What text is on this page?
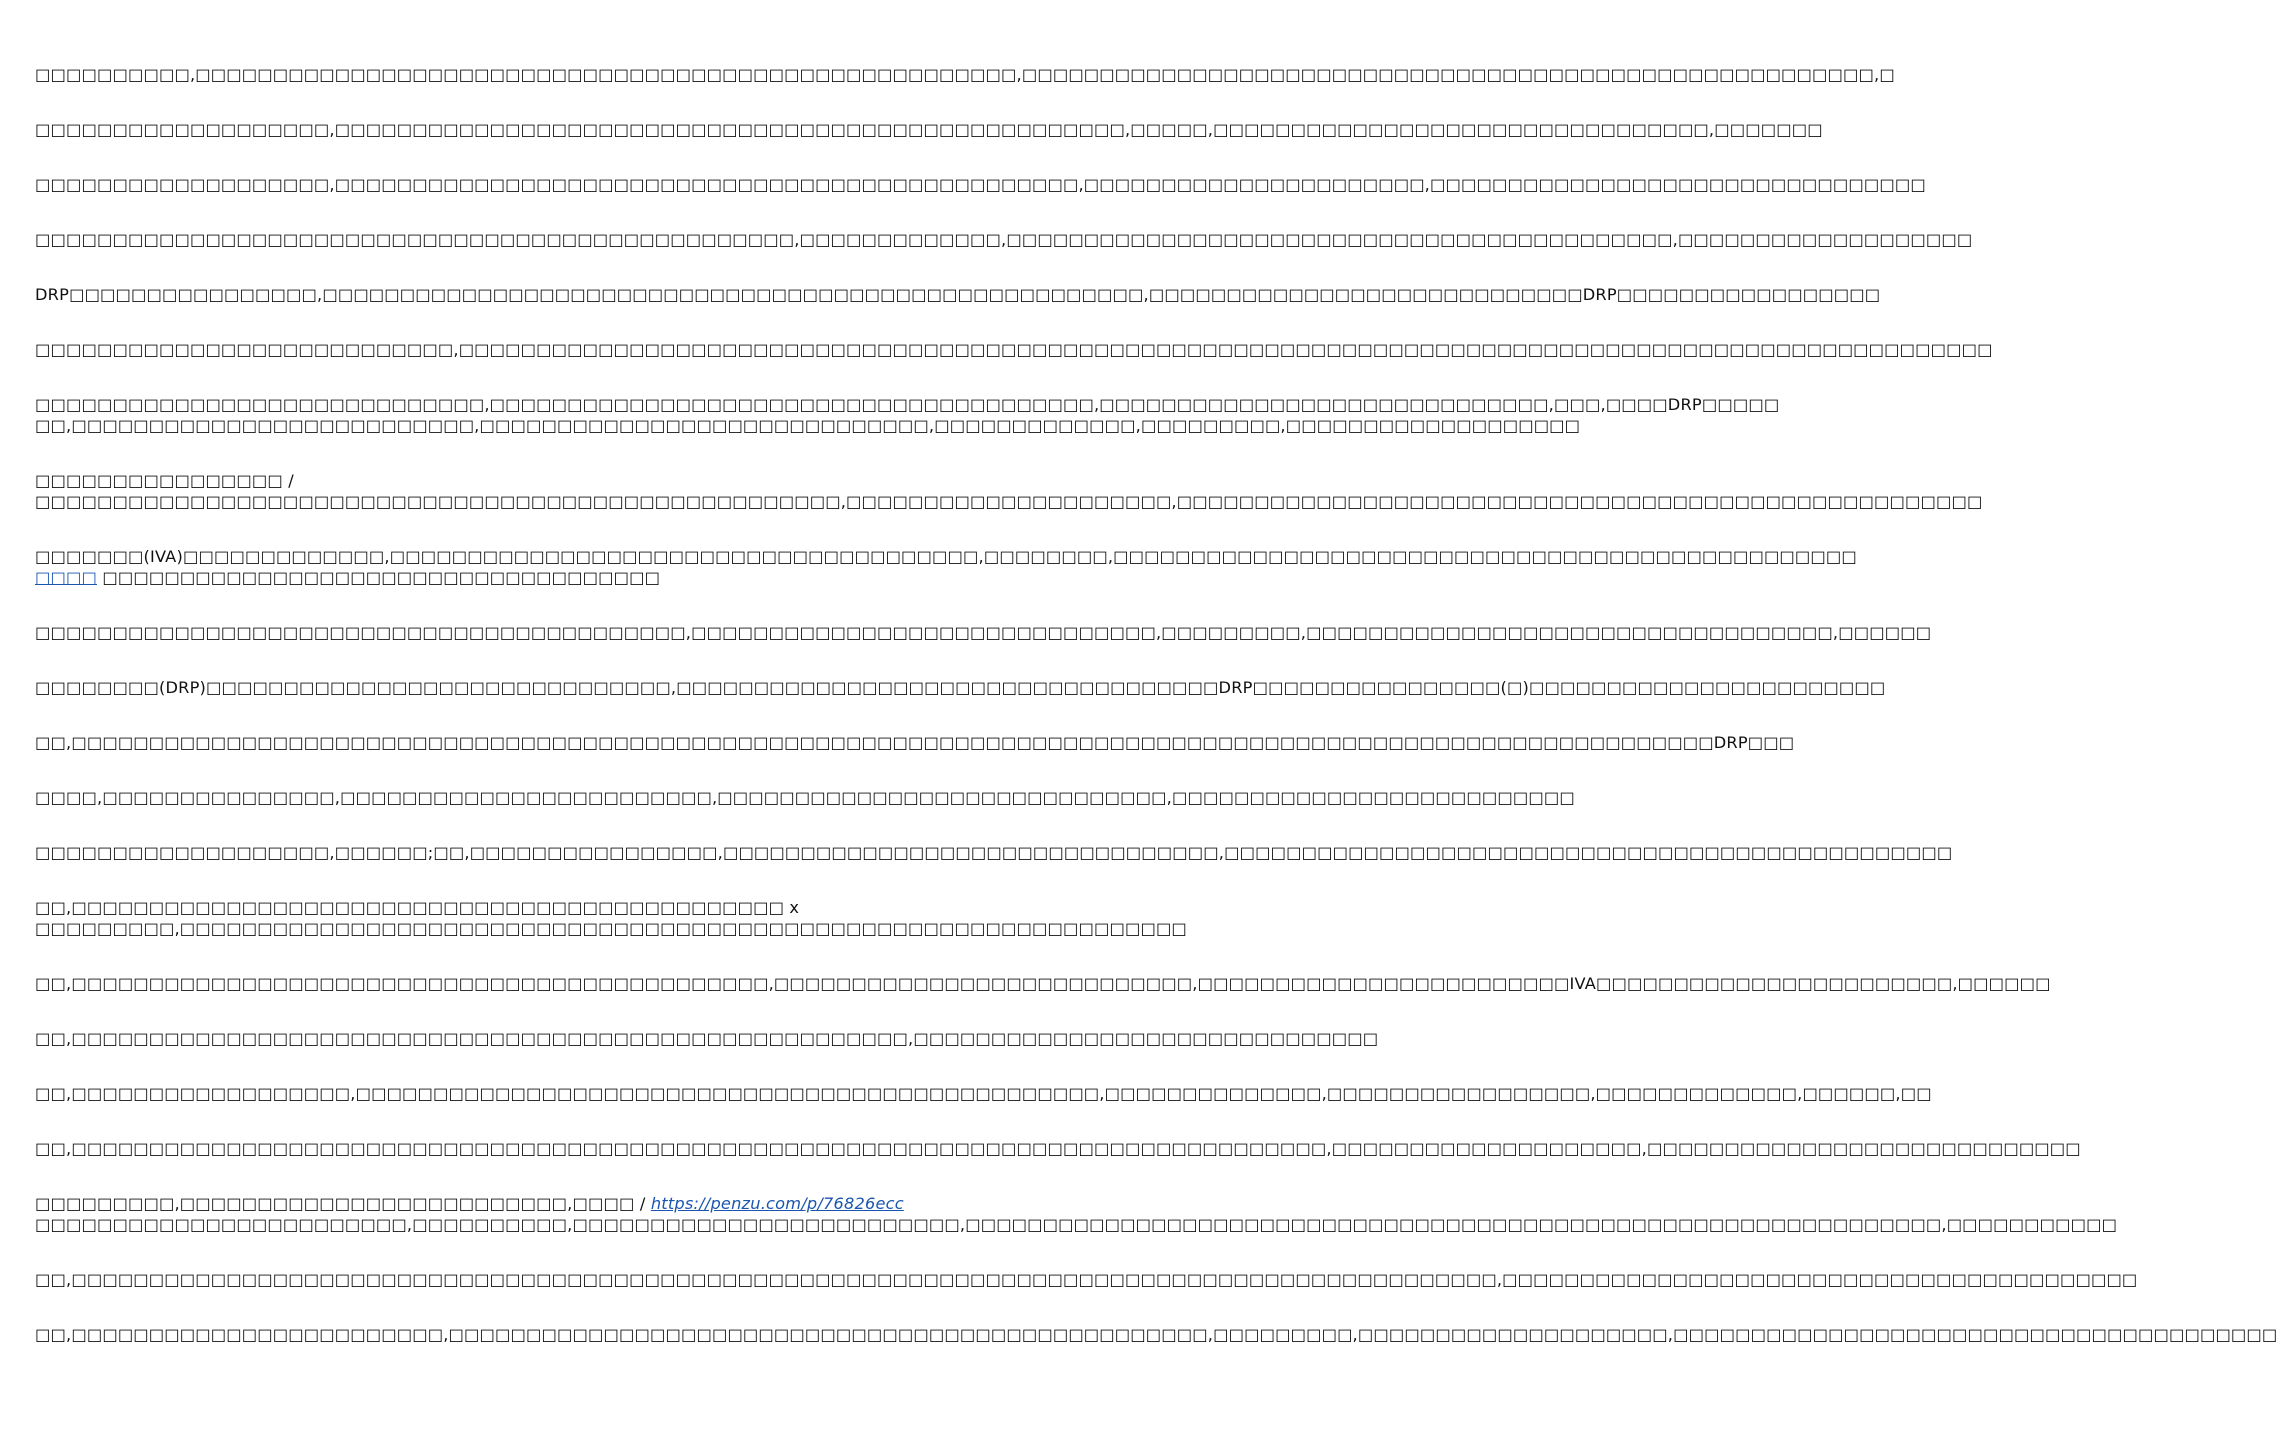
□□□□□□□□□□,□□□□□□□□□□□□□□□□□□□□□□□□□□□□□□□□□□□□□□□□□□□□□□□□□□□□□,□□□□□□□□□□□□□□□□□□□□□□□□□□□□□□□□□□□□□□□□□□□□□□□□□□□□□□□,□

□□□□□□□□□□□□□□□□□□□,□□□□□□□□□□□□□□□□□□□□□□□□□□□□□□□□□□□□□□□□□□□□□□□□□□□,□□□□□,□□□□□□□□□□□□□□□□□□□□□□□□□□□□□□□□,□□□□□□□

□□□□□□□□□□□□□□□□□□□,□□□□□□□□□□□□□□□□□□□□□□□□□□□□□□□□□□□□□□□□□□□□□□□□,□□□□□□□□□□□□□□□□□□□□□□,□□□□□□□□□□□□□□□□□□□□□□□□□□□□□□□□

□□□□□□□□□□□□□□□□□□□□□□□□□□□□□□□□□□□□□□□□□□□□□□□□□,□□□□□□□□□□□□□,□□□□□□□□□□□□□□□□□□□□□□□□□□□□□□□□□□□□□□□□□□□,□□□□□□□□□□□□□□□□□□□

DRP□□□□□□□□□□□□□□□□,□□□□□□□□□□□□□□□□□□□□□□□□□□□□□□□□□□□□□□□□□□□□□□□□□□□□□,□□□□□□□□□□□□□□□□□□□□□□□□□□□□DRP□□□□□□□□□□□□□□□□□

□□□□□□□□□□□□□□□□□□□□□□□□□□□,□□□□□□□□□□□□□□□□□□□□□□□□□□□□□□□□□□□□□□□□□□□□□□□□□□□□□□□□□□□□□□□□□□□□□□□□□□□□□□□□□□□□□□□□□□□□□□□□□□□

□□□□□□□□□□□□□□□□□□□□□□□□□□□□□,□□□□□□□□□□□□□□□□□□□□□□□□□□□□□□□□□□□□□□□,□□□□□□□□□□□□□□□□□□□□□□□□□□□□□,□□□,□□□□DRP□□□□□
□□,□□□□□□□□□□□□□□□□□□□□□□□□□□,□□□□□□□□□□□□□□□□□□□□□□□□□□□□□,□□□□□□□□□□□□□,□□□□□□□□□,□□□□□□□□□□□□□□□□□□□

□□□□□□□□□□□□□□□□ /
□□□□□□□□□□□□□□□□□□□□□□□□□□□□□□□□□□□□□□□□□□□□□□□□□□□□,□□□□□□□□□□□□□□□□□□□□□,□□□□□□□□□□□□□□□□□□□□□□□□□□□□□□□□□□□□□□□□□□□□□□□□□□□□

□□□□□□□(IVA)□□□□□□□□□□□□□,□□□□□□□□□□□□□□□□□□□□□□□□□□□□□□□□□□□□□□,□□□□□□□□,□□□□□□□□□□□□□□□□□□□□□□□□□□□□□□□□□□□□□□□□□□□□□□□□
□□□□ □□□□□□□□□□□□□□□□□□□□□□□□□□□□□□□□□□□□

□□□□□□□□□□□□□□□□□□□□□□□□□□□□□□□□□□□□□□□□□□,□□□□□□□□□□□□□□□□□□□□□□□□□□□□□□,□□□□□□□□□,□□□□□□□□□□□□□□□□□□□□□□□□□□□□□□□□□□,□□□□□□

□□□□□□□□(DRP)□□□□□□□□□□□□□□□□□□□□□□□□□□□□□□,□□□□□□□□□□□□□□□□□□□□□□□□□□□□□□□□□□□DRP□□□□□□□□□□□□□□□□(□)□□□□□□□□□□□□□□□□□□□□□□□

□□,□□□□□□□□□□□□□□□□□□□□□□□□□□□□□□□□□□□□□□□□□□□□□□□□□□□□□□□□□□□□□□□□□□□□□□□□□□□□□□□□□□□□□□□□□□□□□□□□□□□□□□□□□□DRP□□□

□□□□,□□□□□□□□□□□□□□□,□□□□□□□□□□□□□□□□□□□□□□□□,□□□□□□□□□□□□□□□□□□□□□□□□□□□□□,□□□□□□□□□□□□□□□□□□□□□□□□□□

□□□□□□□□□□□□□□□□□□□,□□□□□□;□□,□□□□□□□□□□□□□□□□,□□□□□□□□□□□□□□□□□□□□□□□□□□□□□□□□,□□□□□□□□□□□□□□□□□□□□□□□□□□□□□□□□□□□□□□□□□□□□□□□

□□,□□□□□□□□□□□□□□□□□□□□□□□□□□□□□□□□□□□□□□□□□□□□□□ x
□□□□□□□□□,□□□□□□□□□□□□□□□□□□□□□□□□□□□□□□□□□□□□□□□□□□□□□□□□□□□□□□□□□□□□□□□□□

□□,□□□□□□□□□□□□□□□□□□□□□□□□□□□□□□□□□□□□□□□□□□□□□,□□□□□□□□□□□□□□□□□□□□□□□□□□□,□□□□□□□□□□□□□□□□□□□□□□□□IVA□□□□□□□□□□□□□□□□□□□□□□□,□□□□□□

□□,□□□□□□□□□□□□□□□□□□□□□□□□□□□□□□□□□□□□□□□□□□□□□□□□□□□□□□,□□□□□□□□□□□□□□□□□□□□□□□□□□□□□□

□□,□□□□□□□□□□□□□□□□□□,□□□□□□□□□□□□□□□□□□□□□□□□□□□□□□□□□□□□□□□□□□□□□□□□,□□□□□□□□□□□□□□,□□□□□□□□□□□□□□□□□,□□□□□□□□□□□□□,□□□□□□,□□

□□,□□□□□□□□□□□□□□□□□□□□□□□□□□□□□□□□□□□□□□□□□□□□□□□□□□□□□□□□□□□□□□□□□□□□□□□□□□□□□□□□□,□□□□□□□□□□□□□□□□□□□□,□□□□□□□□□□□□□□□□□□□□□□□□□□□□

□□□□□□□□□,□□□□□□□□□□□□□□□□□□□□□□□□□,□□□□ / https://penzu.com/p/76826ecc
□□□□□□□□□□□□□□□□□□□□□□□□,□□□□□□□□□□,□□□□□□□□□□□□□□□□□□□□□□□□□,□□□□□□□□□□□□□□□□□□□□□□□□□□□□□□□□□□□□□□□□□□□□□□□□□□□□□□□□□□□□□□□,□□□□□□□□□□□

□□,□□□□□□□□□□□□□□□□□□□□□□□□□□□□□□□□□□□□□□□□□□□□□□□□□□□□□□□□□□□□□□□□□□□□□□□□□□□□□□□□□□□□□□□□□□□□,□□□□□□□□□□□□□□□□□□□□□□□□□□□□□□□□□□□□□□□□□

□□,□□□□□□□□□□□□□□□□□□□□□□□□,□□□□□□□□□□□□□□□□□□□□□□□□□□□□□□□□□□□□□□□□□□□□□□□□□,□□□□□□□□□,□□□□□□□□□□□□□□□□□□□□,□□□□□□□□□□□□□□□□□□□□□□□□□□□□□□□□□□□□□□□
